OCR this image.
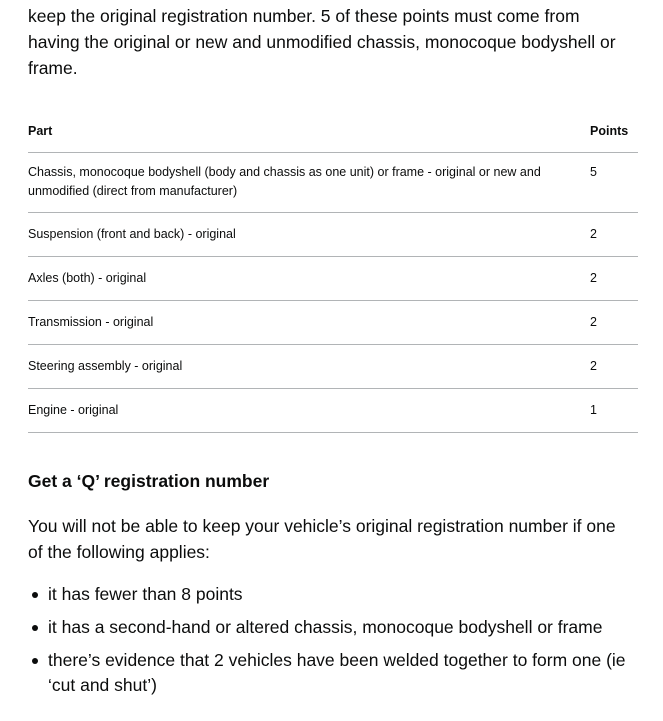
keep the original registration number. 5 of these points must come from having the original or new and unmodified chassis, monocoque bodyshell or frame.

Part	Points
Chassis, monocoque bodyshell (body and chassis as one unit) or frame - original or new and unmodified (direct from manufacturer)	5
Suspension (front and back) - original	2
Axles (both) - original	2
Transmission - original	2
Steering assembly - original	2
Engine - original	1
Get a ‘Q’ registration number

You will not be able to keep your vehicle’s original registration number if one of the following applies:

it has fewer than 8 points
it has a second-hand or altered chassis, monocoque bodyshell or frame
there’s evidence that 2 vehicles have been welded together to form one (ie ‘cut and shut’)
